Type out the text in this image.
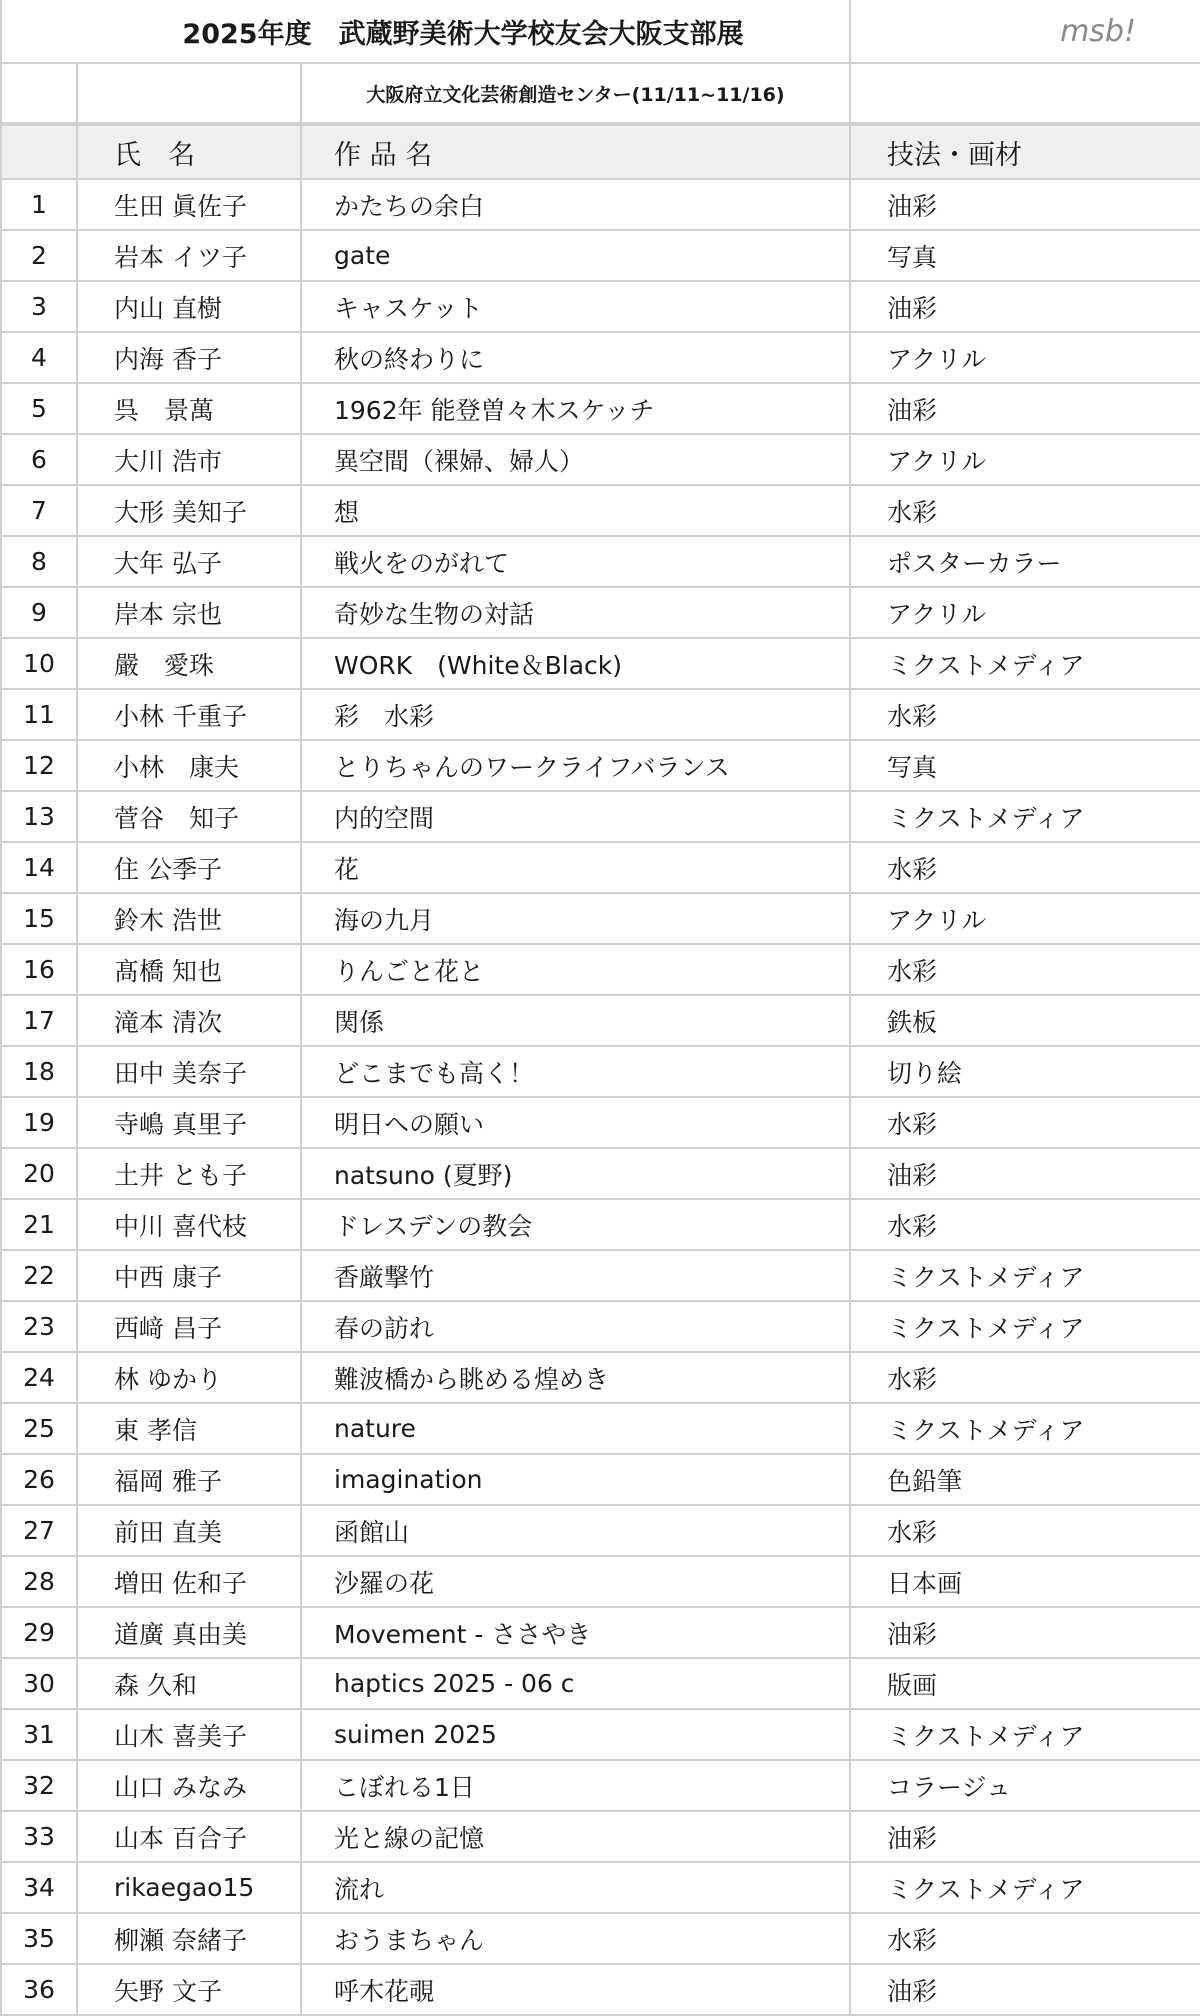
	2025年度　武蔵野美術大学校友会大阪支部展		msb!
		大阪府立文化芸術創造センター(11/11~11/16)	
	氏　名	作 品 名	技法・画材
1	生田 眞佐子	かたちの余白	油彩
2	岩本 イツ子	gate	写真
3	内山 直樹	キャスケット	油彩
4	内海 香子	秋の終わりに	アクリル
5	呉　景萬	1962年 能登曽々木スケッチ	油彩
6	大川 浩市	異空間（裸婦、婦人）	アクリル
7	大形 美知子	想	水彩
8	大年 弘子	戦火をのがれて	ポスターカラー
9	岸本 宗也	奇妙な生物の対話	アクリル
10	嚴　愛珠	WORK　(White＆Black)	ミクストメディア
11	小林 千重子	彩　水彩	水彩
12	小林　康夫	とりちゃんのワークライフバランス	写真
13	菅谷　知子	内的空間	ミクストメディア
14	住 公季子	花	水彩
15	鈴木 浩世	海の九月	アクリル
16	髙橋 知也	りんごと花と	水彩
17	滝本 清次	関係	鉄板
18	田中 美奈子	どこまでも高く！	切り絵
19	寺嶋 真里子	明日への願い	水彩
20	土井 とも子	natsuno (夏野)	油彩
21	中川 喜代枝	ドレスデンの教会	水彩
22	中西 康子	香厳撃竹	ミクストメディア
23	西﨑 昌子	春の訪れ	ミクストメディア
24	林 ゆかり	難波橋から眺める煌めき	水彩
25	東 孝信	nature	ミクストメディア
26	福岡 雅子	imagination	色鉛筆
27	前田 直美	函館山	水彩
28	増田 佐和子	沙羅の花	日本画
29	道廣 真由美	Movement - ささやき	油彩
30	森 久和	haptics 2025 - 06 c	版画
31	山木 喜美子	suimen 2025	ミクストメディア
32	山口 みなみ	こぼれる1日	コラージュ
33	山本 百合子	光と線の記憶	油彩
34	rikaegao15	流れ	ミクストメディア
35	柳瀬 奈緒子	おうまちゃん	水彩
36	矢野 文子	呼木花覗	油彩
